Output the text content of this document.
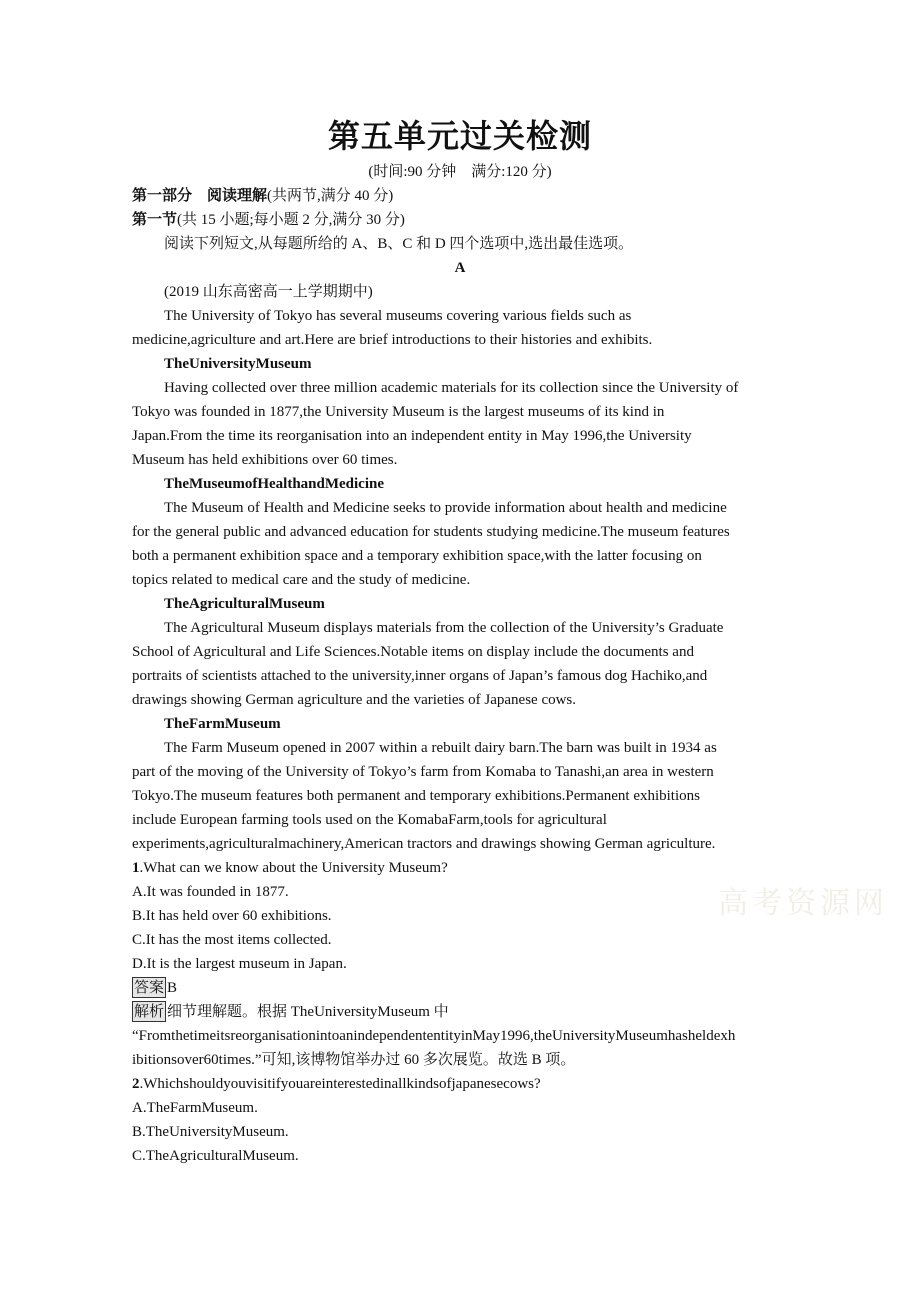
高考资源网
第五单元过关检测
(时间:90 分钟　满分:120 分)
第一部分　阅读理解(共两节,满分 40 分)
第一节(共 15 小题;每小题 2 分,满分 30 分)
阅读下列短文,从每题所给的 A、B、C 和 D 四个选项中,选出最佳选项。
A
(2019 山东高密高一上学期期中)
The University of Tokyo has several museums covering various fields such as
medicine,agriculture and art.Here are brief introductions to their histories and exhibits.
TheUniversityMuseum
Having collected over three million academic materials for its collection since the University of
Tokyo was founded in 1877,the University Museum is the largest museums of its kind in
Japan.From the time its reorganisation into an independent entity in May 1996,the University
Museum has held exhibitions over 60 times.
TheMuseumofHealthandMedicine
The Museum of Health and Medicine seeks to provide information about health and medicine
for the general public and advanced education for students studying medicine.The museum features
both a permanent exhibition space and a temporary exhibition space,with the latter focusing on
topics related to medical care and the study of medicine.
TheAgriculturalMuseum
The Agricultural Museum displays materials from the collection of the University’s Graduate
School of Agricultural and Life Sciences.Notable items on display include the documents and
portraits of scientists attached to the university,inner organs of Japan’s famous dog Hachiko,and
drawings showing German agriculture and the varieties of Japanese cows.
TheFarmMuseum
The Farm Museum opened in 2007 within a rebuilt dairy barn.The barn was built in 1934 as
part of the moving of the University of Tokyo’s farm from Komaba to Tanashi,an area in western
Tokyo.The museum features both permanent and temporary exhibitions.Permanent exhibitions
include European farming tools used on the KomabaFarm,tools for agricultural
experiments,agriculturalmachinery,American tractors and drawings showing German agriculture.
1.What can we know about the University Museum?
A.It was founded in 1877.
B.It has held over 60 exhibitions.
C.It has the most items collected.
D.It is the largest museum in Japan.
答案 B
解析 细节理解题。根据 TheUniversityMuseum 中
“FromthetimeitsreorganisationintoanindependententityinMay1996,theUniversityMuseumhasheldexh
ibitionsover60times.”可知,该博物馆举办过 60 多次展览。故选 B 项。
2.Whichshouldyouvisitifyouareinterestedinallkindsofjapanesecows?
A.TheFarmMuseum.
B.TheUniversityMuseum.
C.TheAgriculturalMuseum.
